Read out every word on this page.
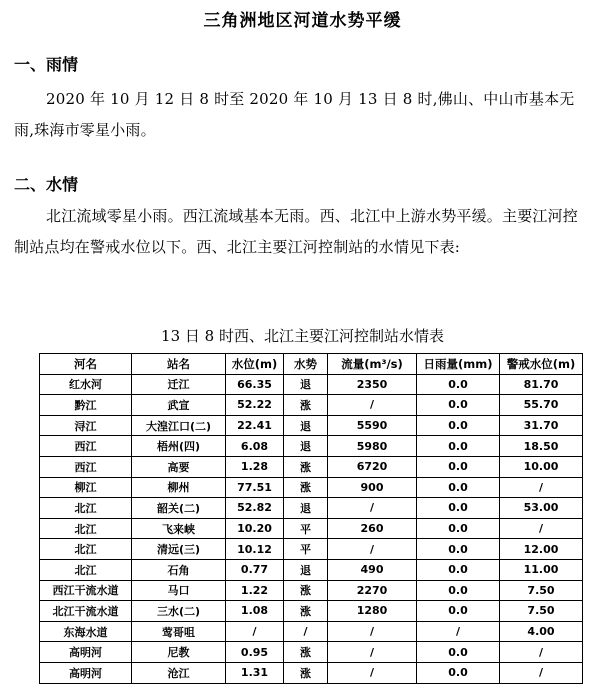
三角洲地区河道水势平缓
一、雨情
2020 年 10 月 12 日 8 时至 2020 年 10 月 13 日 8 时,佛山、中山市基本无雨,珠海市零星小雨。
二、水情
北江流域零星小雨。西江流域基本无雨。西、北江中上游水势平缓。主要江河控制站点均在警戒水位以下。西、北江主要江河控制站的水情见下表:
13 日 8 时西、北江主要江河控制站水情表
河名	站名	水位(m)	水势	流量(m³/s)	日雨量(mm)	警戒水位(m)
红水河	迁江	66.35	退	2350	0.0	81.70
黔江	武宣	52.22	涨	/	0.0	55.70
浔江	大湟江口(二)	22.41	退	5590	0.0	31.70
西江	梧州(四)	6.08	退	5980	0.0	18.50
西江	高要	1.28	涨	6720	0.0	10.00
柳江	柳州	77.51	涨	900	0.0	/
北江	韶关(二)	52.82	退	/	0.0	53.00
北江	飞来峡	10.20	平	260	0.0	/
北江	清远(三)	10.12	平	/	0.0	12.00
北江	石角	0.77	退	490	0.0	11.00
西江干流水道	马口	1.22	涨	2270	0.0	7.50
北江干流水道	三水(二)	1.08	涨	1280	0.0	7.50
东海水道	莺哥咀	/	/	/	/	4.00
高明河	尼教	0.95	涨	/	0.0	/
高明河	沧江	1.31	涨	/	0.0	/
